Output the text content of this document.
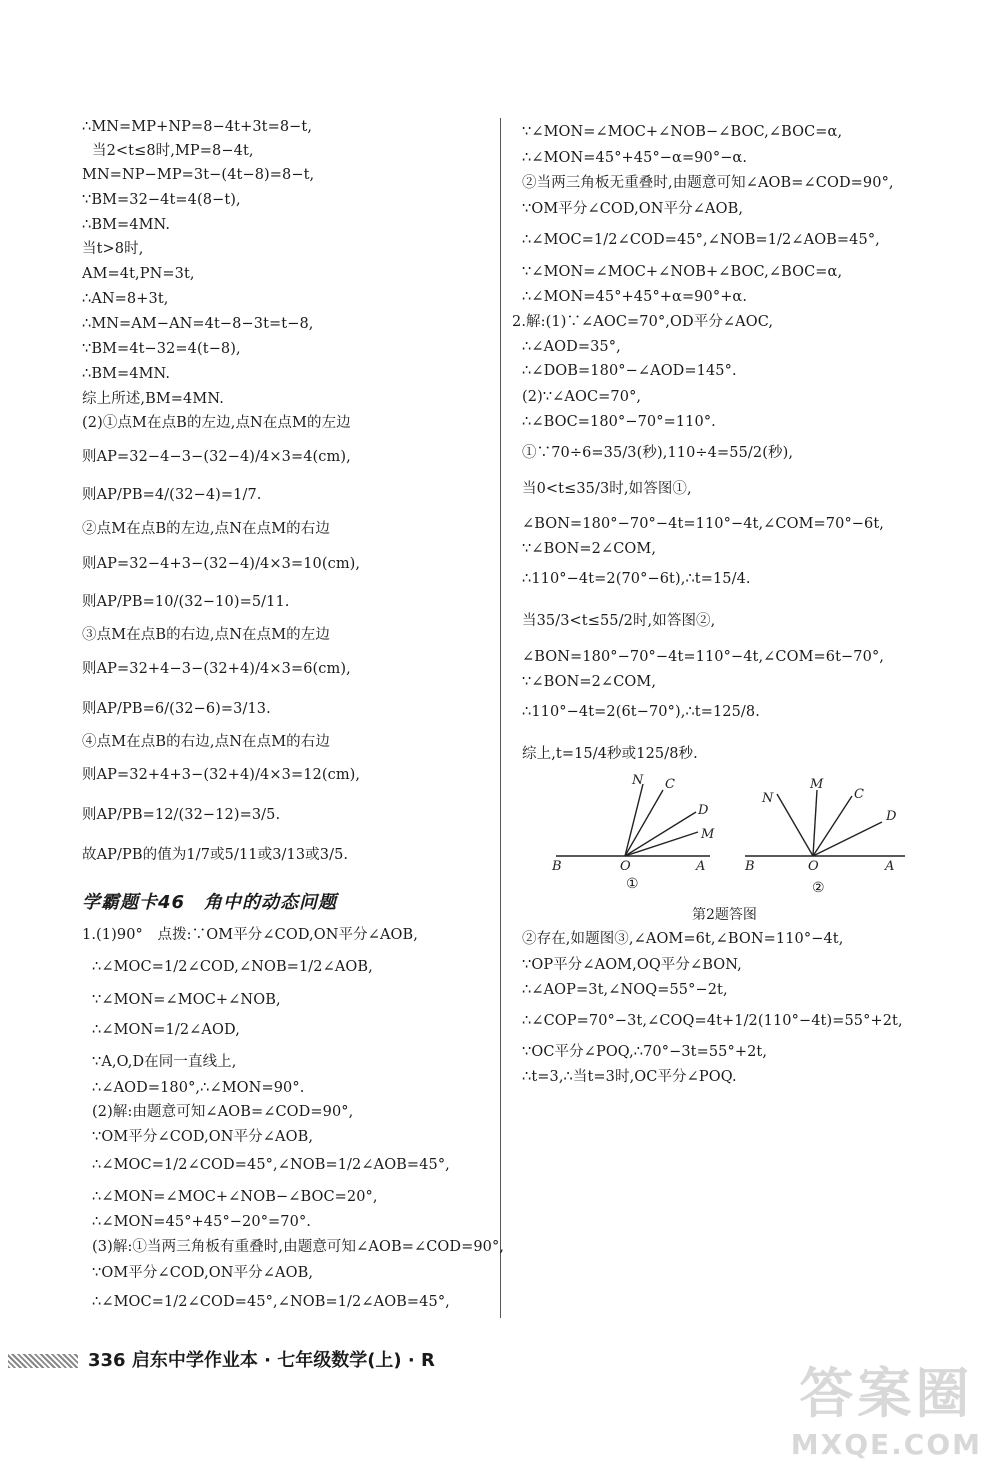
∴MN=MP+NP=8−4t+3t=8−t,
当2<t≤8时,MP=8−4t,
MN=NP−MP=3t−(4t−8)=8−t,
∵BM=32−4t=4(8−t),
∴BM=4MN.
当t>8时,
AM=4t,PN=3t,
∴AN=8+3t,
∴MN=AM−AN=4t−8−3t=t−8,
∵BM=4t−32=4(t−8),
∴BM=4MN.
综上所述,BM=4MN.
(2)①点M在点B的左边,点N在点M的左边
则AP=32−4−3−(32−4)/4×3=4(cm),
则AP/PB=4/(32−4)=1/7.
②点M在点B的左边,点N在点M的右边
则AP=32−4+3−(32−4)/4×3=10(cm),
则AP/PB=10/(32−10)=5/11.
③点M在点B的右边,点N在点M的左边
则AP=32+4−3−(32+4)/4×3=6(cm),
则AP/PB=6/(32−6)=3/13.
④点M在点B的右边,点N在点M的右边
则AP=32+4+3−(32+4)/4×3=12(cm),
则AP/PB=12/(32−12)=3/5.
故AP/PB的值为1/7或5/11或3/13或3/5.
学霸题卡46　角中的动态问题
1.(1)90°　点拨:∵OM平分∠COD,ON平分∠AOB,
∴∠MOC=1/2∠COD,∠NOB=1/2∠AOB,
∵∠MON=∠MOC+∠NOB,
∴∠MON=1/2∠AOD,
∵A,O,D在同一直线上,
∴∠AOD=180°,∴∠MON=90°.
(2)解:由题意可知∠AOB=∠COD=90°,
∵OM平分∠COD,ON平分∠AOB,
∴∠MOC=1/2∠COD=45°,∠NOB=1/2∠AOB=45°,
∴∠MON=∠MOC+∠NOB−∠BOC=20°,
∴∠MON=45°+45°−20°=70°.
(3)解:①当两三角板有重叠时,由题意可知∠AOB=∠COD=90°,
∵OM平分∠COD,ON平分∠AOB,
∴∠MOC=1/2∠COD=45°,∠NOB=1/2∠AOB=45°,
∵∠MON=∠MOC+∠NOB−∠BOC,∠BOC=α,
∴∠MON=45°+45°−α=90°−α.
②当两三角板无重叠时,由题意可知∠AOB=∠COD=90°,
∵OM平分∠COD,ON平分∠AOB,
∴∠MOC=1/2∠COD=45°,∠NOB=1/2∠AOB=45°,
∵∠MON=∠MOC+∠NOB+∠BOC,∠BOC=α,
∴∠MON=45°+45°+α=90°+α.
2.解:(1)∵∠AOC=70°,OD平分∠AOC,
∴∠AOD=35°,
∴∠DOB=180°−∠AOD=145°.
(2)∵∠AOC=70°,
∴∠BOC=180°−70°=110°.
①∵70÷6=35/3(秒),110÷4=55/2(秒),
当0<t≤35/3时,如答图①,
∠BON=180°−70°−4t=110°−4t,∠COM=70°−6t,
∵∠BON=2∠COM,
∴110°−4t=2(70°−6t),∴t=15/4.
当35/3<t≤55/2时,如答图②,
∠BON=180°−70°−4t=110°−4t,∠COM=6t−70°,
∵∠BON=2∠COM,
∴110°−4t=2(6t−70°),∴t=125/8.
综上,t=15/4秒或125/8秒.
N C
D
M
B	O	A
N
M
C
D
B	O	A
①	②
第2题答图
②存在,如题图③,∠AOM=6t,∠BON=110°−4t,
∵OP平分∠AOM,OQ平分∠BON,
∴∠AOP=3t,∠NOQ=55°−2t,
∴∠COP=70°−3t,∠COQ=4t+1/2(110°−4t)=55°+2t,
∵OC平分∠POQ,∴70°−3t=55°+2t,
∴t=3,∴当t=3时,OC平分∠POQ.
336 启东中学作业本 · 七年级数学(上) · R
答案圈
MXQE.COM
